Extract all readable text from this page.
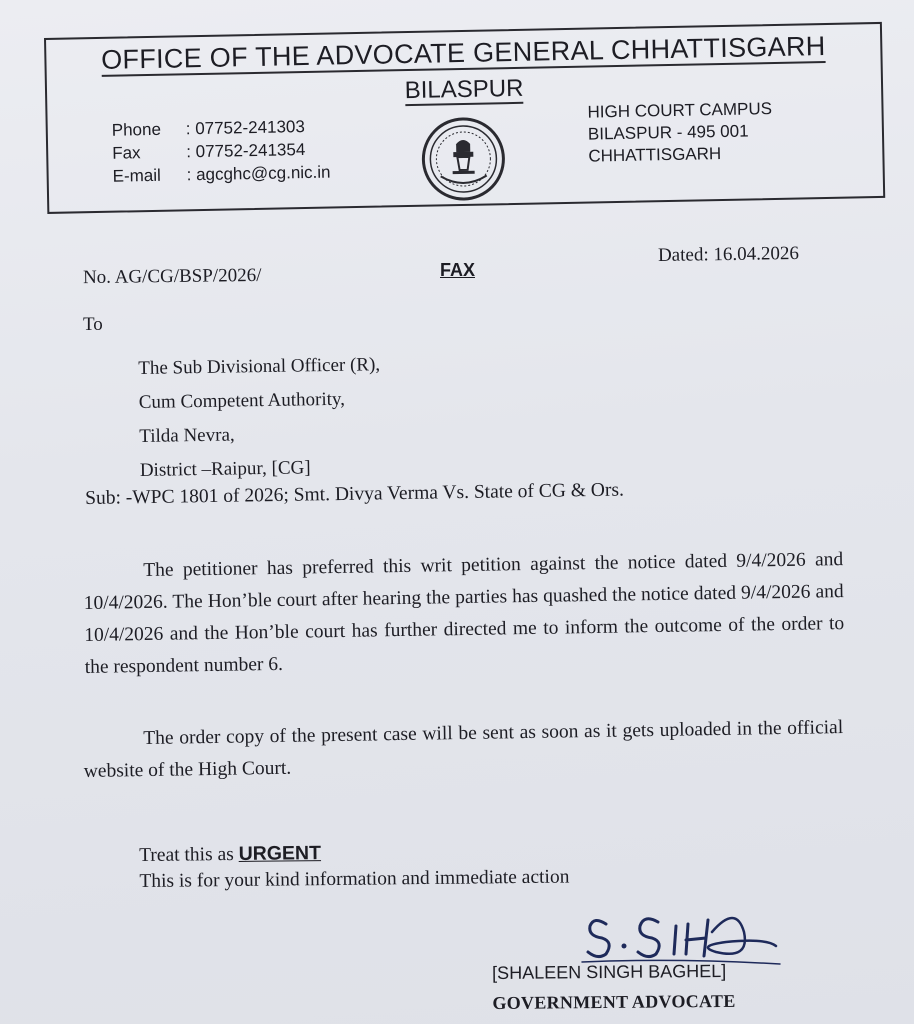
OFFICE OF THE ADVOCATE GENERAL CHHATTISGARH
BILASPUR
Phone	: 07752-241303
Fax	: 07752-241354
E-mail	: agcghc@cg.nic.in
HIGH COURT CAMPUS
BILASPUR - 495 001
CHHATTISGARH
No. AG/CG/BSP/2026/	FAX
Dated: 16.04.2026
To
The Sub Divisional Officer (R),
Cum Competent Authority,
Tilda Nevra,
District –Raipur, [CG]
Sub: -WPC 1801 of 2026; Smt. Divya Verma Vs. State of CG & Ors.
The petitioner has preferred this writ petition against the notice dated 9/4/2026 and 10/4/2026. The Hon’ble court after hearing the parties has quashed the notice dated 9/4/2026 and 10/4/2026 and the Hon’ble court has further directed me to inform the outcome of the order to the respondent number 6.
The order copy of the present case will be sent as soon as it gets uploaded in the official website of the High Court.
Treat this as URGENT
This is for your kind information and immediate action
[SHALEEN SINGH BAGHEL]
GOVERNMENT ADVOCATE
